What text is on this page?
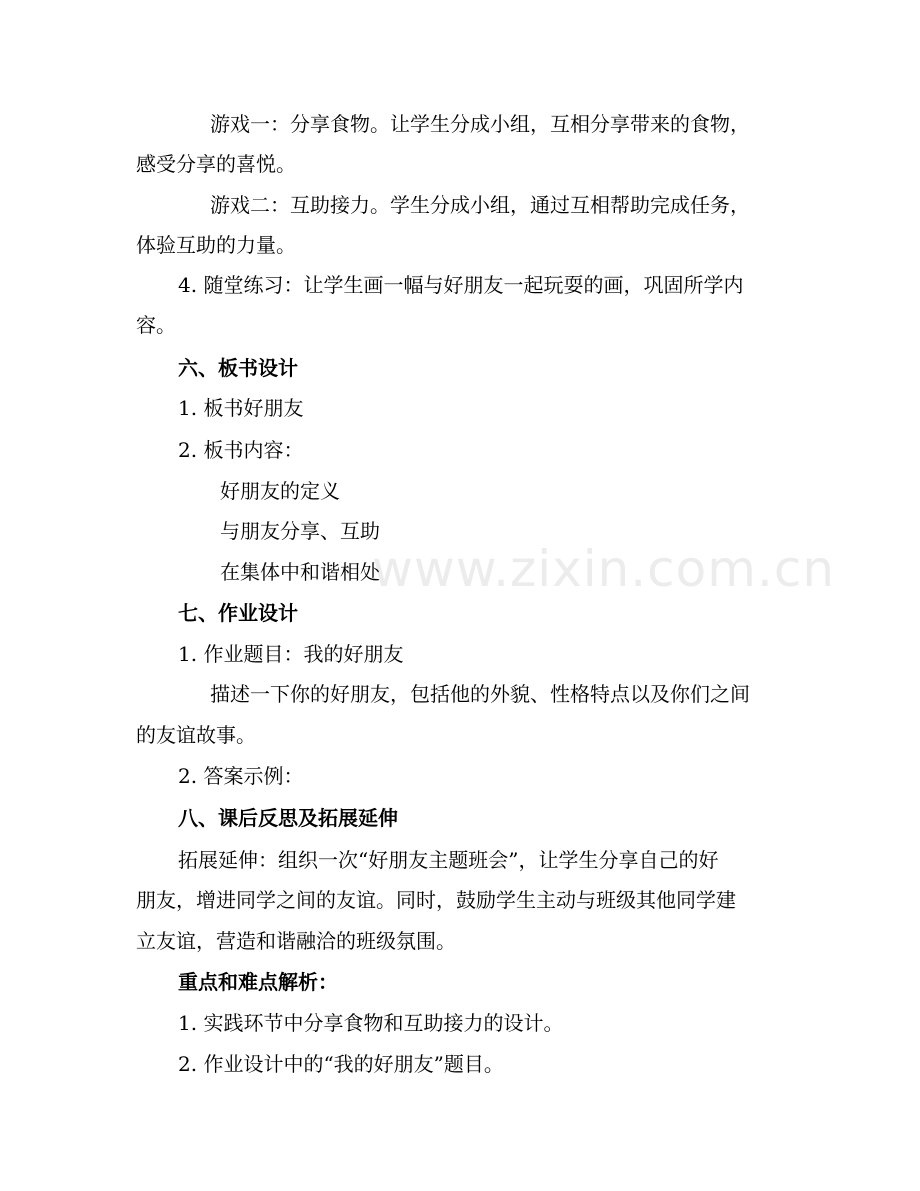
www.zixin.com.cn

游戏一：分享食物。让学生分成小组，互相分享带来的食物，

感受分享的喜悦。

游戏二：互助接力。学生分成小组，通过互相帮助完成任务，

体验互助的力量。

4. 随堂练习：让学生画一幅与好朋友一起玩耍的画，巩固所学内

容。

六、板书设计

1. 板书好朋友

2. 板书内容：

好朋友的定义

与朋友分享、互助

在集体中和谐相处

七、作业设计

1. 作业题目：我的好朋友

描述一下你的好朋友，包括他的外貌、性格特点以及你们之间

的友谊故事。

2. 答案示例：

八、课后反思及拓展延伸

拓展延伸：组织一次“好朋友主题班会”，让学生分享自己的好

朋友，增进同学之间的友谊。同时，鼓励学生主动与班级其他同学建

立友谊，营造和谐融洽的班级氛围。

重点和难点解析：

1. 实践环节中分享食物和互助接力的设计。

2. 作业设计中的“我的好朋友”题目。
